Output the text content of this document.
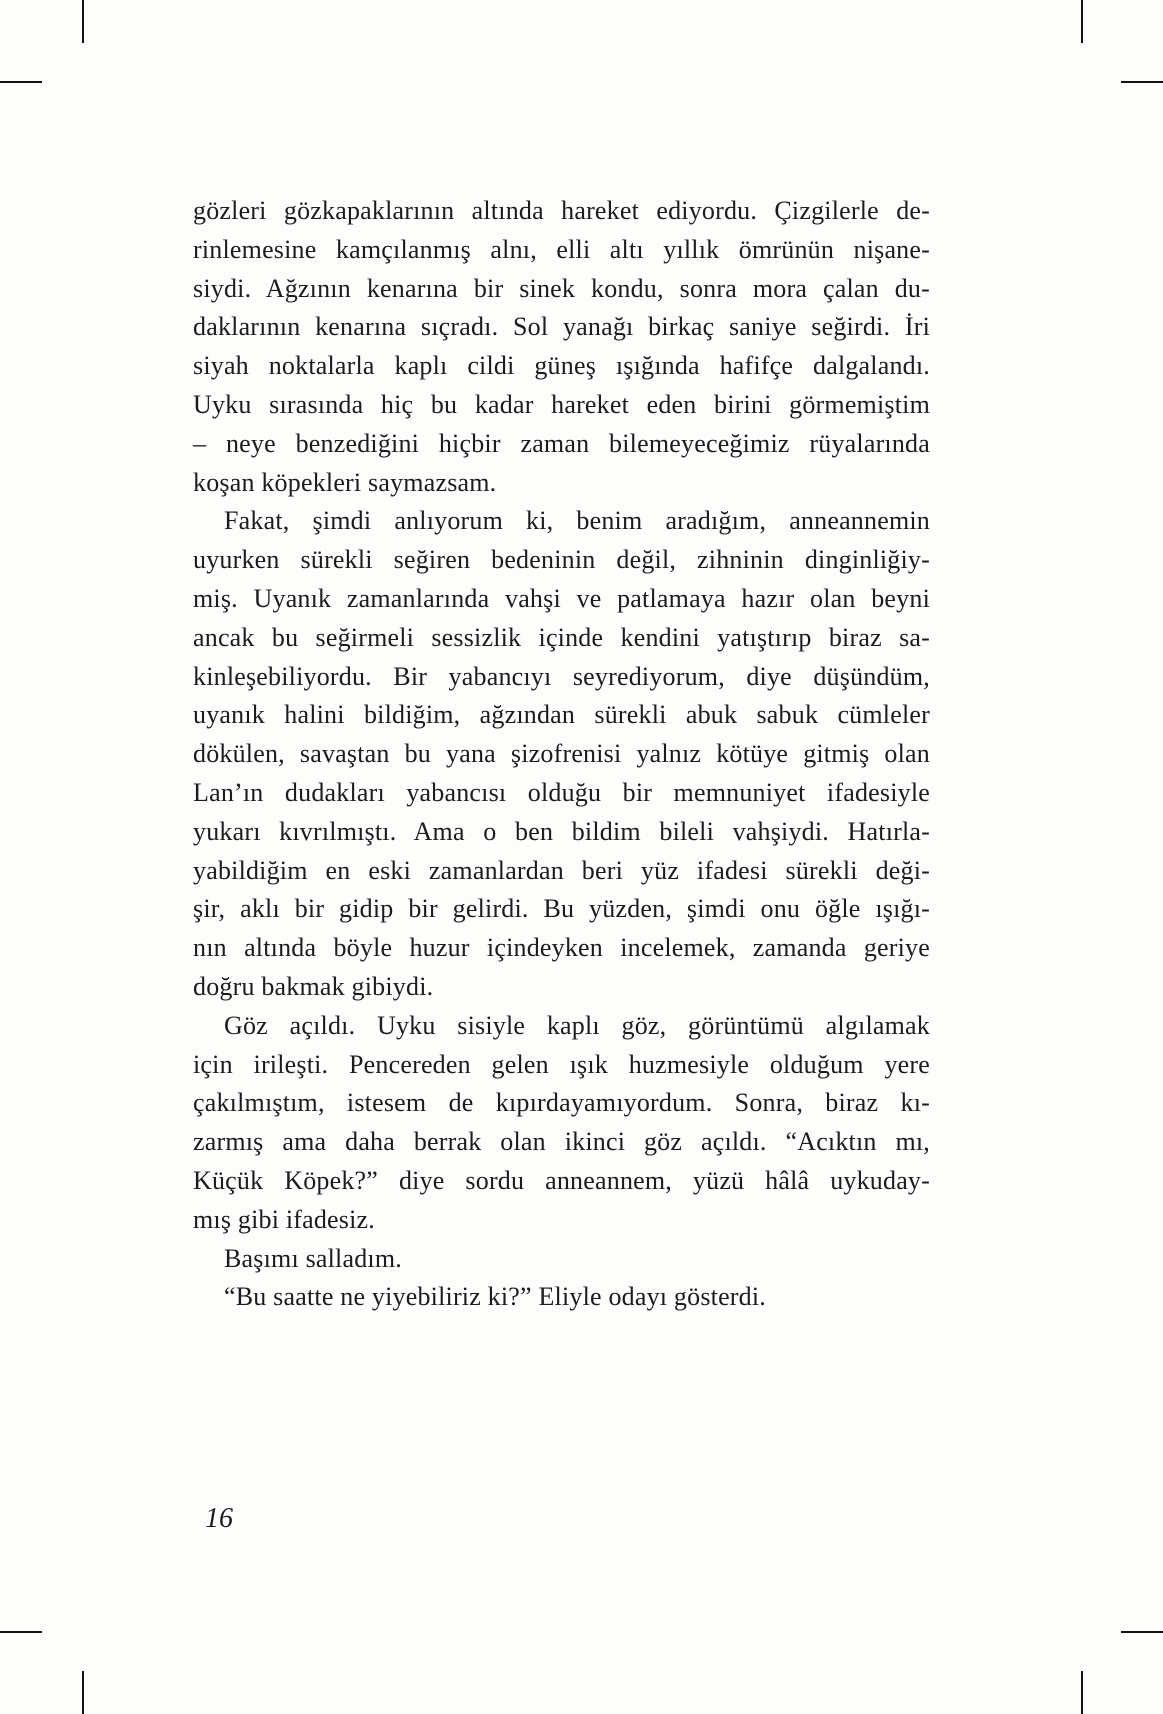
gözleri gözkapaklarının altında hareket ediyordu. Çizgilerle de-
rinlemesine kamçılanmış alnı, elli altı yıllık ömrünün nişane-
siydi. Ağzının kenarına bir sinek kondu, sonra mora çalan du-
daklarının kenarına sıçradı. Sol yanağı birkaç saniye seğirdi. İri
siyah noktalarla kaplı cildi güneş ışığında hafifçe dalgalandı.
Uyku sırasında hiç bu kadar hareket eden birini görmemiştim
– neye benzediğini hiçbir zaman bilemeyeceğimiz rüyalarında
koşan köpekleri saymazsam.
Fakat, şimdi anlıyorum ki, benim aradığım, anneannemin
uyurken sürekli seğiren bedeninin değil, zihninin dinginliğiy-
miş. Uyanık zamanlarında vahşi ve patlamaya hazır olan beyni
ancak bu seğirmeli sessizlik içinde kendini yatıştırıp biraz sa-
kinleşebiliyordu. Bir yabancıyı seyrediyorum, diye düşündüm,
uyanık halini bildiğim, ağzından sürekli abuk sabuk cümleler
dökülen, savaştan bu yana şizofrenisi yalnız kötüye gitmiş olan
Lan’ın dudakları yabancısı olduğu bir memnuniyet ifadesiyle
yukarı kıvrılmıştı. Ama o ben bildim bileli vahşiydi. Hatırla-
yabildiğim en eski zamanlardan beri yüz ifadesi sürekli deği-
şir, aklı bir gidip bir gelirdi. Bu yüzden, şimdi onu öğle ışığı-
nın altında böyle huzur içindeyken incelemek, zamanda geriye
doğru bakmak gibiydi.
Göz açıldı. Uyku sisiyle kaplı göz, görüntümü algılamak
için irileşti. Pencereden gelen ışık huzmesiyle olduğum yere
çakılmıştım, istesem de kıpırdayamıyordum. Sonra, biraz kı-
zarmış ama daha berrak olan ikinci göz açıldı. “Acıktın mı,
Küçük Köpek?” diye sordu anneannem, yüzü hâlâ uykuday-
mış gibi ifadesiz.
Başımı salladım.
“Bu saatte ne yiyebiliriz ki?” Eliyle odayı gösterdi.
16
